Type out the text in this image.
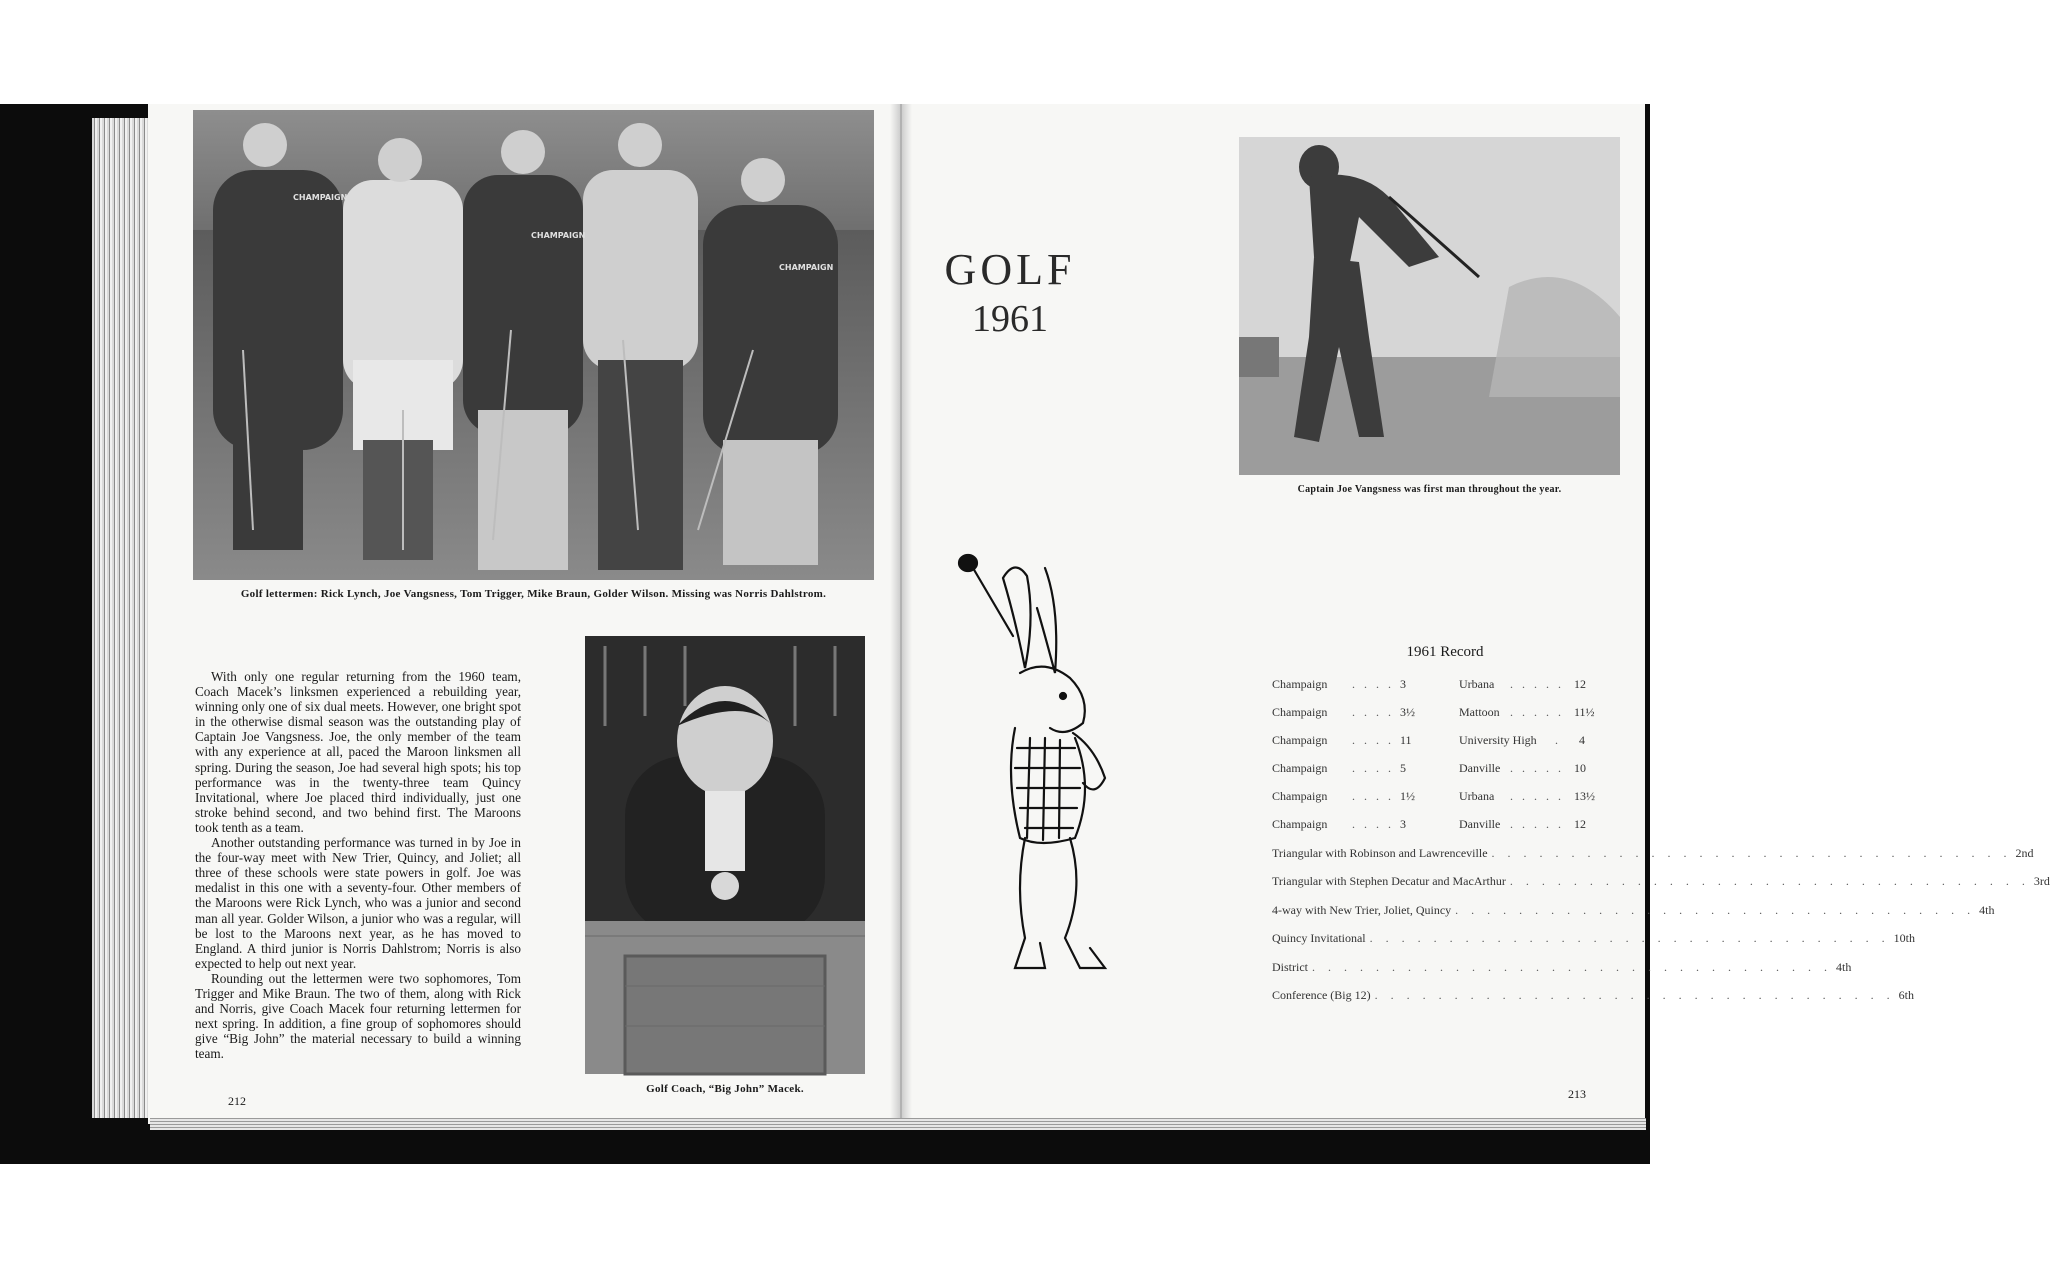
CHAMPAIGN
CHAMPAIGN
CHAMPAIGN
Golf lettermen: Rick Lynch, Joe Vangsness, Tom Trigger, Mike Braun, Golder Wilson. Missing was Norris Dahlstrom.

With only one regular returning from the 1960 team, Coach Macek’s linksmen experienced a rebuilding year, winning only one of six dual meets. However, one bright spot in the otherwise dismal season was the outstanding play of Captain Joe Vangsness. Joe, the only member of the team with any experience at all, paced the Maroon linksmen all spring. During the season, Joe had several high spots; his top performance was in the twenty-three team Quincy Invitational, where Joe placed third individually, just one stroke behind second, and two behind first. The Maroons took tenth as a team.

Another outstanding performance was turned in by Joe in the four-way meet with New Trier, Quincy, and Joliet; all three of these schools were state powers in golf. Joe was medalist in this one with a seventy-four. Other members of the Maroons were Rick Lynch, who was a junior and second man all year. Golder Wilson, a junior who was a regular, will be lost to the Maroons next year, as he has moved to England. A third junior is Norris Dahlstrom; Norris is also expected to help out next year.

Rounding out the lettermen were two sophomores, Tom Trigger and Mike Braun. The two of them, along with Rick and Norris, give Coach Macek four returning lettermen for next spring. In addition, a fine group of sophomores should give “Big John” the material necessary to build a winning team.

Golf Coach, “Big John” Macek.
212
GOLF
1961
Captain Joe Vangsness was first man throughout the year.
1961 Record
Champaign . . . . 3	Urbana . . . . . 12
Champaign . . . . 3½	Mattoon . . . . . 11½
Champaign . . . . 11	University High . 4
Champaign . . . . 5	Danville . . . . . 10
Champaign . . . . 1½	Urbana . . . . . 13½
Champaign . . . . 3	Danville . . . . . 12
Triangular with Robinson and Lawrenceville . . . . . . . . . . . . . . . . . . . . . . . . . . . . . . . . . 2nd
Triangular with Stephen Decatur and MacArthur . . . . . . . . . . . . . . . . . . . . . . . . . . . . . . . . . 3rd
4-way with New Trier, Joliet, Quincy . . . . . . . . . . . . . . . . . . . . . . . . . . . . . . . . . 4th
Quincy Invitational . . . . . . . . . . . . . . . . . . . . . . . . . . . . . . . . . 10th
District . . . . . . . . . . . . . . . . . . . . . . . . . . . . . . . . . 4th
Conference (Big 12) . . . . . . . . . . . . . . . . . . . . . . . . . . . . . . . . . 6th
213
